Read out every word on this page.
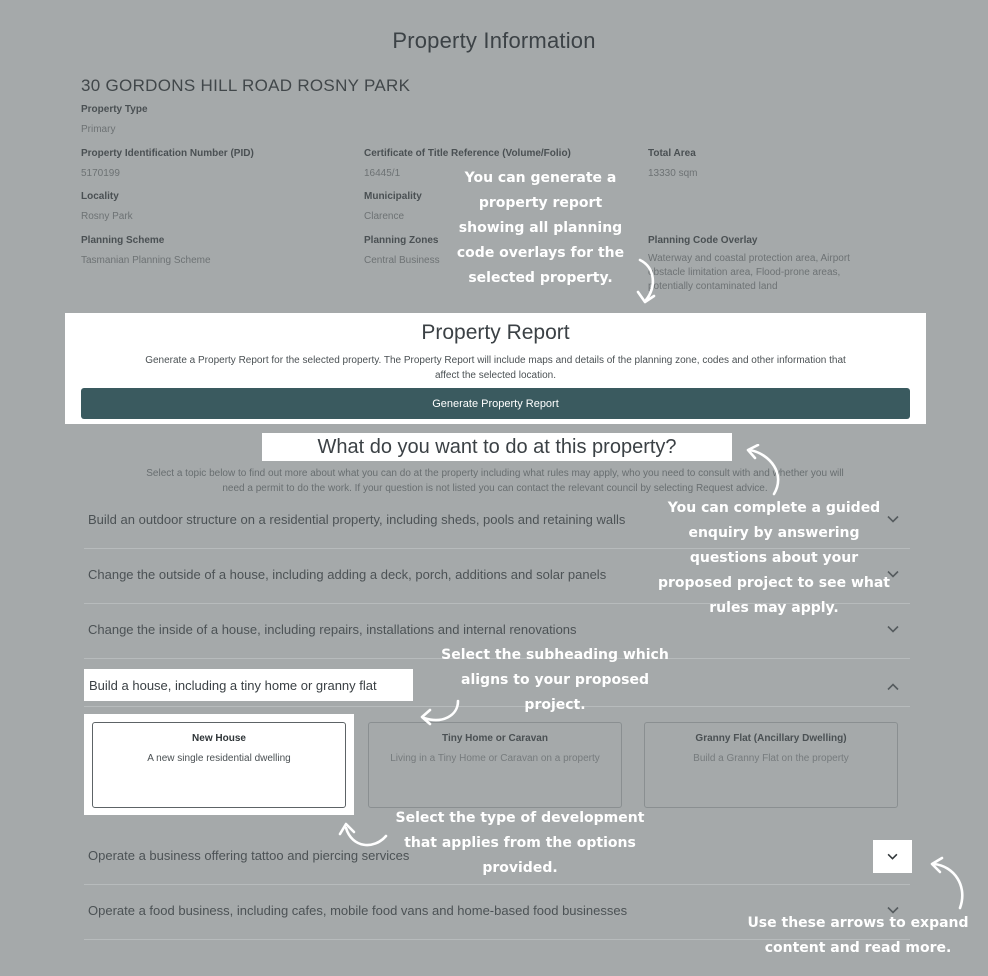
Property Information
30 GORDONS HILL ROAD ROSNY PARK
Property Type
Primary
Property Identification Number (PID)
5170199
Certificate of Title Reference (Volume/Folio)
16445/1
Total Area
13330 sqm
Locality
Rosny Park
Municipality
Clarence
Planning Scheme
Tasmanian Planning Scheme
Planning Zones
Central Business
Planning Code Overlay
Waterway and coastal protection area, Airport
obstacle limitation area, Flood-prone areas,
potentially contaminated land
Property Report
Generate a Property Report for the selected property. The Property Report will include maps and details of the planning zone, codes and other information that
affect the selected location.
Generate Property Report
What do you want to do at this property?
Select a topic below to find out more about what you can do at the property including what rules may apply, who you need to consult with and whether you will
need a permit to do the work. If your question is not listed you can contact the relevant council by selecting Request advice.
Build an outdoor structure on a residential property, including sheds, pools and retaining walls
Change the outside of a house, including adding a deck, porch, additions and solar panels
Change the inside of a house, including repairs, installations and internal renovations
Build a house, including a tiny home or granny flat
New House
A new single residential dwelling
Tiny Home or Caravan
Living in a Tiny Home or Caravan on a property
Granny Flat (Ancillary Dwelling)
Build a Granny Flat on the property
Operate a business offering tattoo and piercing services
Operate a food business, including cafes, mobile food vans and home-based food businesses
You can generate a
property report
showing all planning
code overlays for the
selected property.
You can complete a guided
enquiry by answering
questions about your
proposed project to see what
rules may apply.
Select the subheading which
aligns to your proposed
project.
Select the type of development
that applies from the options
provided.
Use these arrows to expand
content and read more.
